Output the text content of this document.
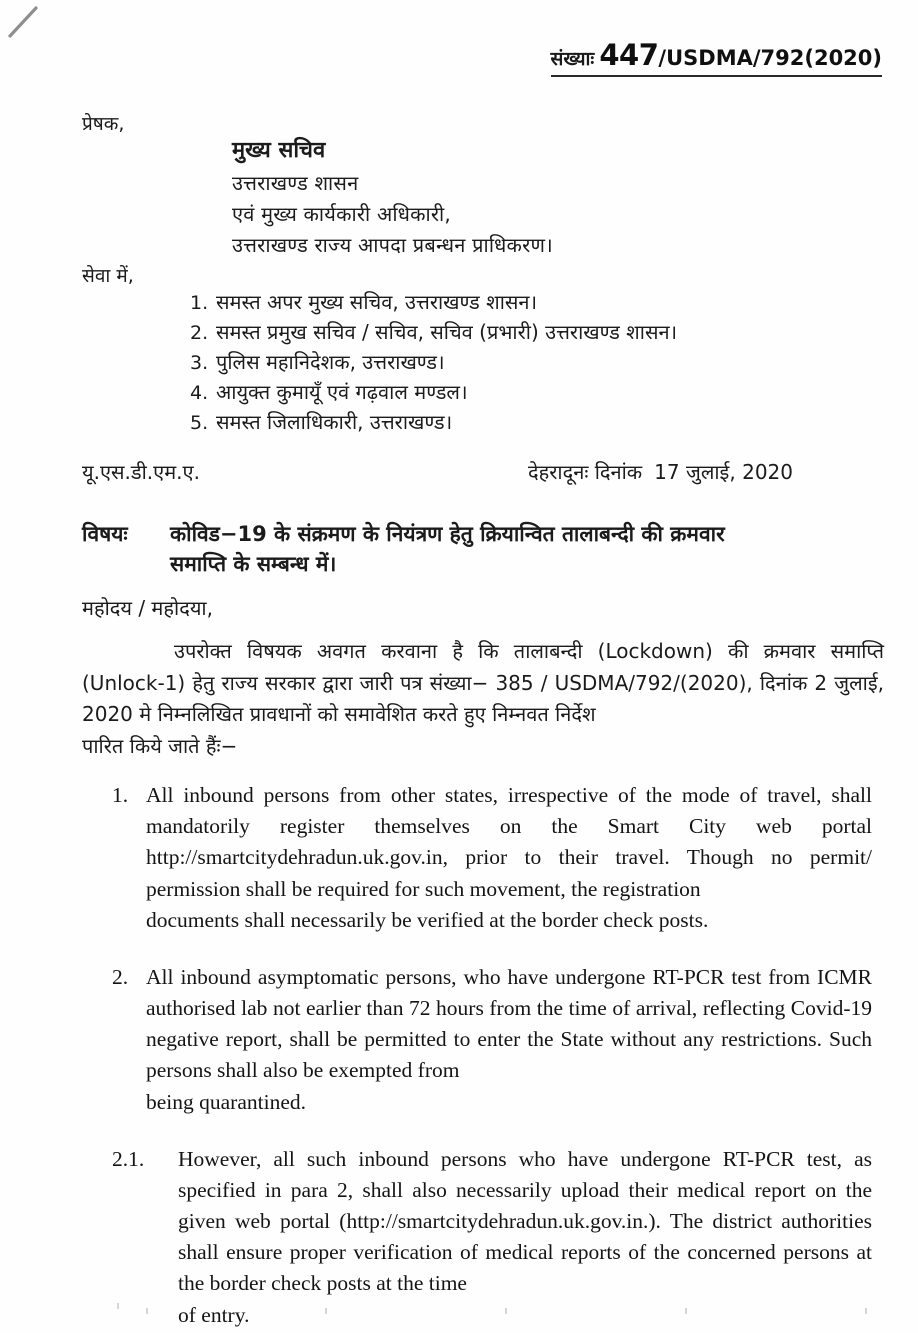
संख्याः 447/USDMA/792(2020)
प्रेषक,
मुख्य सचिव
उत्तराखण्ड शासन
एवं मुख्य कार्यकारी अधिकारी,
उत्तराखण्ड राज्य आपदा प्रबन्धन प्राधिकरण।
सेवा में,
1. समस्त अपर मुख्य सचिव, उत्तराखण्ड शासन।
2. समस्त प्रमुख सचिव / सचिव, सचिव (प्रभारी) उत्तराखण्ड शासन।
3. पुलिस महानिदेशक, उत्तराखण्ड।
4. आयुक्त कुमायूँ एवं गढ़वाल मण्डल।
5. समस्त जिलाधिकारी, उत्तराखण्ड।
यू.एस.डी.एम.ए.	देहरादूनः दिनांक 17 जुलाई, 2020
विषयः	कोविड−19 के संक्रमण के नियंत्रण हेतु क्रियान्वित तालाबन्दी की क्रमवार
समाप्ति के सम्बन्ध में।
महोदय / महोदया,
उपरोक्त विषयक अवगत करवाना है कि तालाबन्दी (Lockdown) की क्रमवार समाप्ति (Unlock-1) हेतु राज्य सरकार द्वारा जारी पत्र संख्या− 385 / USDMA/792/(2020), दिनांक 2 जुलाई, 2020 मे निम्नलिखित प्रावधानों को समावेशित करते हुए निम्नवत निर्देश
पारित किये जाते हैंः−
1. All inbound persons from other states, irrespective of the mode of travel, shall mandatorily register themselves on the Smart City web portal http://smartcitydehradun.uk.gov.in, prior to their travel. Though no permit/ permission shall be required for such movement, the registration
documents shall necessarily be verified at the border check posts.
2. All inbound asymptomatic persons, who have undergone RT-PCR test from ICMR authorised lab not earlier than 72 hours from the time of arrival, reflecting Covid-19 negative report, shall be permitted to enter the State without any restrictions. Such persons shall also be exempted from
being quarantined.
2.1.	However, all such inbound persons who have undergone RT-PCR test, as specified in para 2, shall also necessarily upload their medical report on the given web portal (http://smartcitydehradun.uk.gov.in.). The district authorities shall ensure proper verification of medical reports of the concerned persons at the border check posts at the time
of entry.
